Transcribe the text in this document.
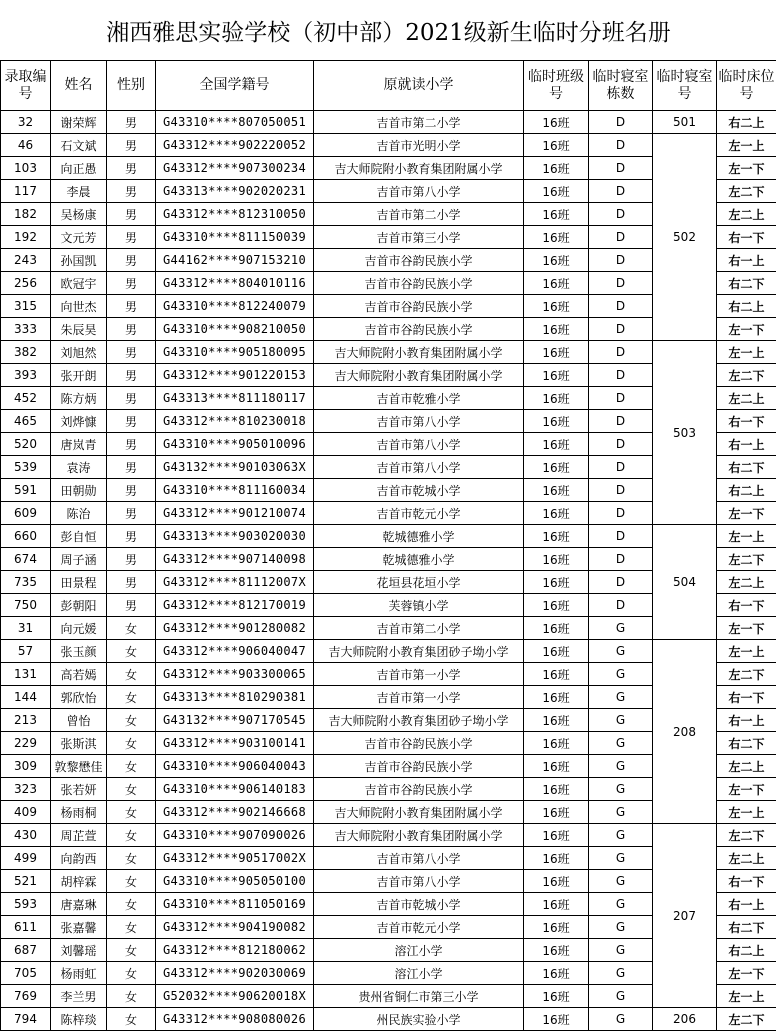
湘西雅思实验学校（初中部）2021级新生临时分班名册								
录取编号	姓名	性别	全国学籍号	原就读小学	临时班级号	临时寝室栋数	临时寝室号	临时床位号
32	谢荣辉	男	G43310****807050051	吉首市第二小学	16班	D	501	右二上
46	石文斌	男	G43312****902220052	吉首市光明小学	16班	D	502	左一上
103	向正愚	男	G43312****907300234	吉大师院附小教育集团附属小学	16班	D		左一下
117	李晨	男	G43313****902020231	吉首市第八小学	16班	D		左二下
182	吴杨康	男	G43312****812310050	吉首市第二小学	16班	D		左二上
192	文元芳	男	G43310****811150039	吉首市第三小学	16班	D		右一下
243	孙国凯	男	G44162****907153210	吉首市谷韵民族小学	16班	D		右一上
256	欧冠宇	男	G43312****804010116	吉首市谷韵民族小学	16班	D		右二下
315	向世杰	男	G43310****812240079	吉首市谷韵民族小学	16班	D		右二上
333	朱辰昊	男	G43310****908210050	吉首市谷韵民族小学	16班	D		左一下
382	刘旭然	男	G43310****905180095	吉大师院附小教育集团附属小学	16班	D	503	左一上
393	张开朗	男	G43312****901220153	吉大师院附小教育集团附属小学	16班	D		左二下
452	陈方炳	男	G43313****811180117	吉首市乾雅小学	16班	D		左二上
465	刘烨慷	男	G43312****810230018	吉首市第八小学	16班	D		右一下
520	唐岚青	男	G43310****905010096	吉首市第八小学	16班	D		右一上
539	袁涛	男	G43132****90103063X	吉首市第八小学	16班	D		右二下
591	田朝勋	男	G43310****811160034	吉首市乾城小学	16班	D		右二上
609	陈治	男	G43312****901210074	吉首市乾元小学	16班	D		左一下
660	彭自恒	男	G43313****903020030	乾城德雅小学	16班	D	504	左一上
674	周子涵	男	G43312****907140098	乾城德雅小学	16班	D		左二下
735	田景程	男	G43312****81112007X	花垣县花垣小学	16班	D		左二上
750	彭朝阳	男	G43312****812170019	芙蓉镇小学	16班	D		右一下
31	向元媛	女	G43312****901280082	吉首市第二小学	16班	G		左一下
57	张玉颜	女	G43312****906040047	吉大师院附小教育集团砂子坳小学	16班	G	208	左一上
131	高若嫣	女	G43312****903300065	吉首市第一小学	16班	G		左二下
144	郭欣怡	女	G43313****810290381	吉首市第一小学	16班	G		右一下
213	曾怡	女	G43132****907170545	吉大师院附小教育集团砂子坳小学	16班	G		右一上
229	张斯淇	女	G43312****903100141	吉首市谷韵民族小学	16班	G		右二下
309	敦黎懋佳	女	G43310****906040043	吉首市谷韵民族小学	16班	G		左二上
323	张若妍	女	G43310****906140183	吉首市谷韵民族小学	16班	G		左一下
409	杨雨桐	女	G43312****902146668	吉大师院附小教育集团附属小学	16班	G		左一上
430	周芷萱	女	G43310****907090026	吉大师院附小教育集团附属小学	16班	G	207	左二下
499	向韵西	女	G43312****90517002X	吉首市第八小学	16班	G		左二上
521	胡梓霖	女	G43310****905050100	吉首市第八小学	16班	G		右一下
593	唐嘉琳	女	G43310****811050169	吉首市乾城小学	16班	G		右一上
611	张嘉馨	女	G43312****904190082	吉首市乾元小学	16班	G		右二下
687	刘馨瑶	女	G43312****812180062	溶江小学	16班	G		右二上
705	杨雨虹	女	G43312****902030069	溶江小学	16班	G		左一下
769	李兰男	女	G52032****90620018X	贵州省铜仁市第三小学	16班	G		左一上
794	陈梓琰	女	G43312****908080026	州民族实验小学	16班	G	206	左二下
